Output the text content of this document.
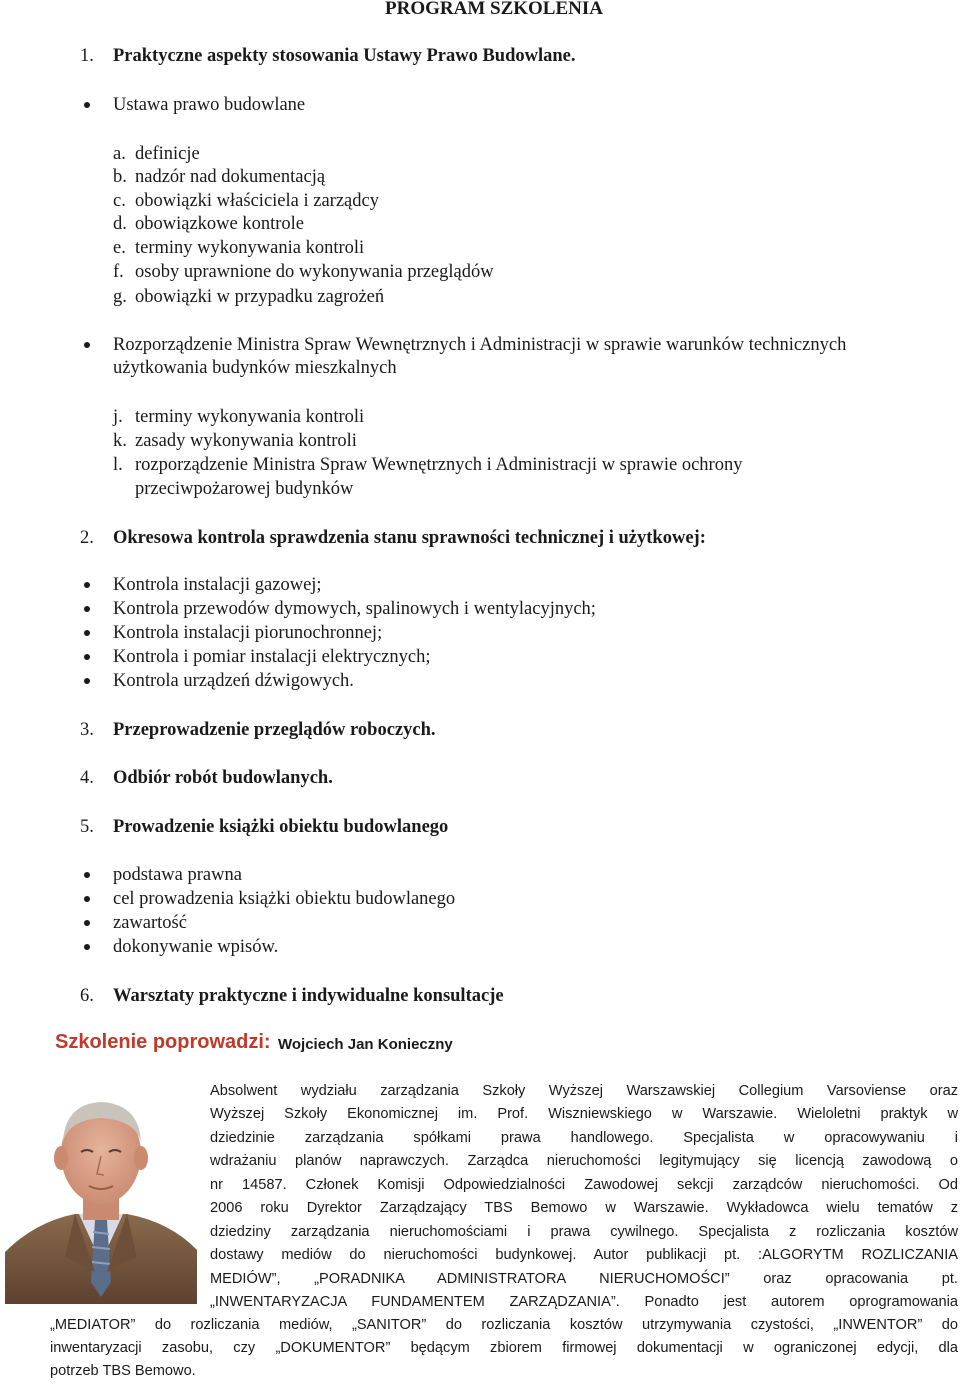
PROGRAM SZKOLENIA
1. Praktyczne aspekty stosowania Ustawy Prawo Budowlane.
Ustawa prawo budowlane
a. definicje
b. nadzór nad dokumentacją
c. obowiązki właściciela i zarządcy
d. obowiązkowe kontrole
e. terminy wykonywania kontroli
f. osoby uprawnione do wykonywania przeglądów
g. obowiązki w przypadku zagrożeń
Rozporządzenie Ministra Spraw Wewnętrznych i Administracji w sprawie warunków technicznych
użytkowania budynków mieszkalnych
j. terminy wykonywania kontroli
k. zasady wykonywania kontroli
l. rozporządzenie Ministra Spraw Wewnętrznych i Administracji w sprawie ochrony
przeciwpożarowej budynków
2. Okresowa kontrola sprawdzenia stanu sprawności technicznej i użytkowej:
Kontrola instalacji gazowej;
Kontrola przewodów dymowych, spalinowych i wentylacyjnych;
Kontrola instalacji piorunochronnej;
Kontrola i pomiar instalacji elektrycznych;
Kontrola urządzeń dźwigowych.
3. Przeprowadzenie przeglądów roboczych.
4. Odbiór robót budowlanych.
5. Prowadzenie książki obiektu budowlanego
podstawa prawna
cel prowadzenia książki obiektu budowlanego
zawartość
dokonywanie wpisów.
6. Warsztaty praktyczne i indywidualne konsultacje
Szkolenie poprowadzi: Wojciech Jan Konieczny
Absolwent wydziału zarządzania Szkoły Wyższej Warszawskiej Collegium Varsoviense oraz
Wyższej Szkoły Ekonomicznej im. Prof. Wiszniewskiego w Warszawie. Wieloletni praktyk w
dziedzinie zarządzania spółkami prawa handlowego. Specjalista w opracowywaniu i
wdrażaniu planów naprawczych. Zarządca nieruchomości legitymujący się licencją zawodową o
nr 14587. Członek Komisji Odpowiedzialności Zawodowej sekcji zarządców nieruchomości. Od
2006 roku Dyrektor Zarządzający TBS Bemowo w Warszawie. Wykładowca wielu tematów z
dziedziny zarządzania nieruchomościami i prawa cywilnego. Specjalista z rozliczania kosztów
dostawy mediów do nieruchomości budynkowej. Autor publikacji pt. :ALGORYTM ROZLICZANIA
MEDIÓW”, „PORADNIKA ADMINISTRATORA NIERUCHOMOŚCI” oraz opracowania pt.
„INWENTARYZACJA FUNDAMENTEM ZARZĄDZANIA”. Ponadto jest autorem oprogramowania
„MEDIATOR” do rozliczania mediów, „SANITOR” do rozliczania kosztów utrzymywania czystości, „INWENTOR” do
inwentaryzacji zasobu, czy „DOKUMENTOR” będącym zbiorem firmowej dokumentacji w ograniczonej edycji, dla
potrzeb TBS Bemowo.
